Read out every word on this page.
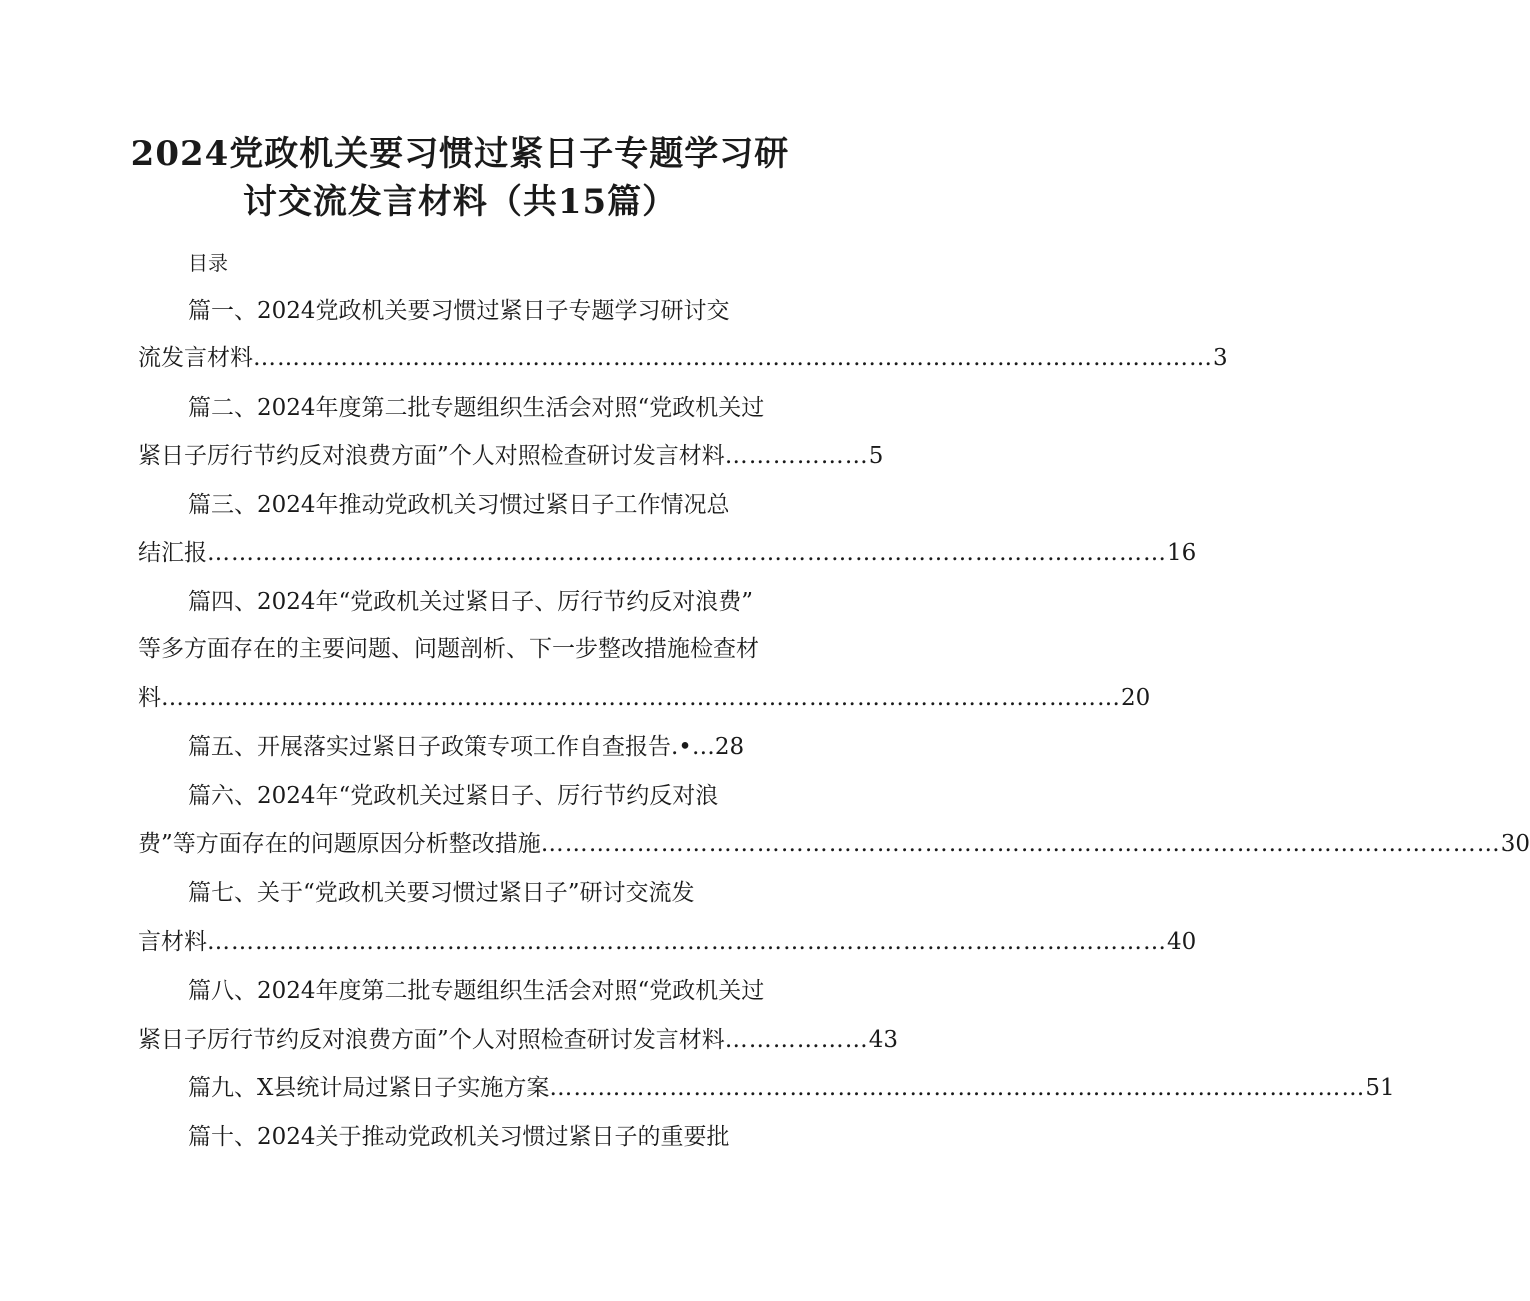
2024党政机关要习惯过紧日子专题学习研
讨交流发言材料（共15篇）
目录
篇一、2024党政机关要习惯过紧日子专题学习研讨交
流发言材料 ………………………………………………………………………………………………………… 3
篇二、2024年度第二批专题组织生活会对照“党政机关过
紧日子厉行节约反对浪费方面”个人对照检查研讨发言材料 ……………… 5
篇三、2024年推动党政机关习惯过紧日子工作情况总
结汇报 ………………………………………………………………………………………………………… 16
篇四、2024年“党政机关过紧日子、厉行节约反对浪费”
等多方面存在的主要问题、问题剖析、下一步整改措施检查材
料 ………………………………………………………………………………………………………… 20
篇五、开展落实过紧日子政策专项工作自查报告.• … 28
篇六、2024年“党政机关过紧日子、厉行节约反对浪
费”等方面存在的问题原因分析整改措施 ………………………………………………………………………………………………………… 30
篇七、关于“党政机关要习惯过紧日子”研讨交流发
言材料 ………………………………………………………………………………………………………… 40
篇八、2024年度第二批专题组织生活会对照“党政机关过
紧日子厉行节约反对浪费方面”个人对照检查研讨发言材料 ……………… 43
篇九、X县统计局过紧日子实施方案 ………………………………………………………………………………………… 51
篇十、2024关于推动党政机关习惯过紧日子的重要批
